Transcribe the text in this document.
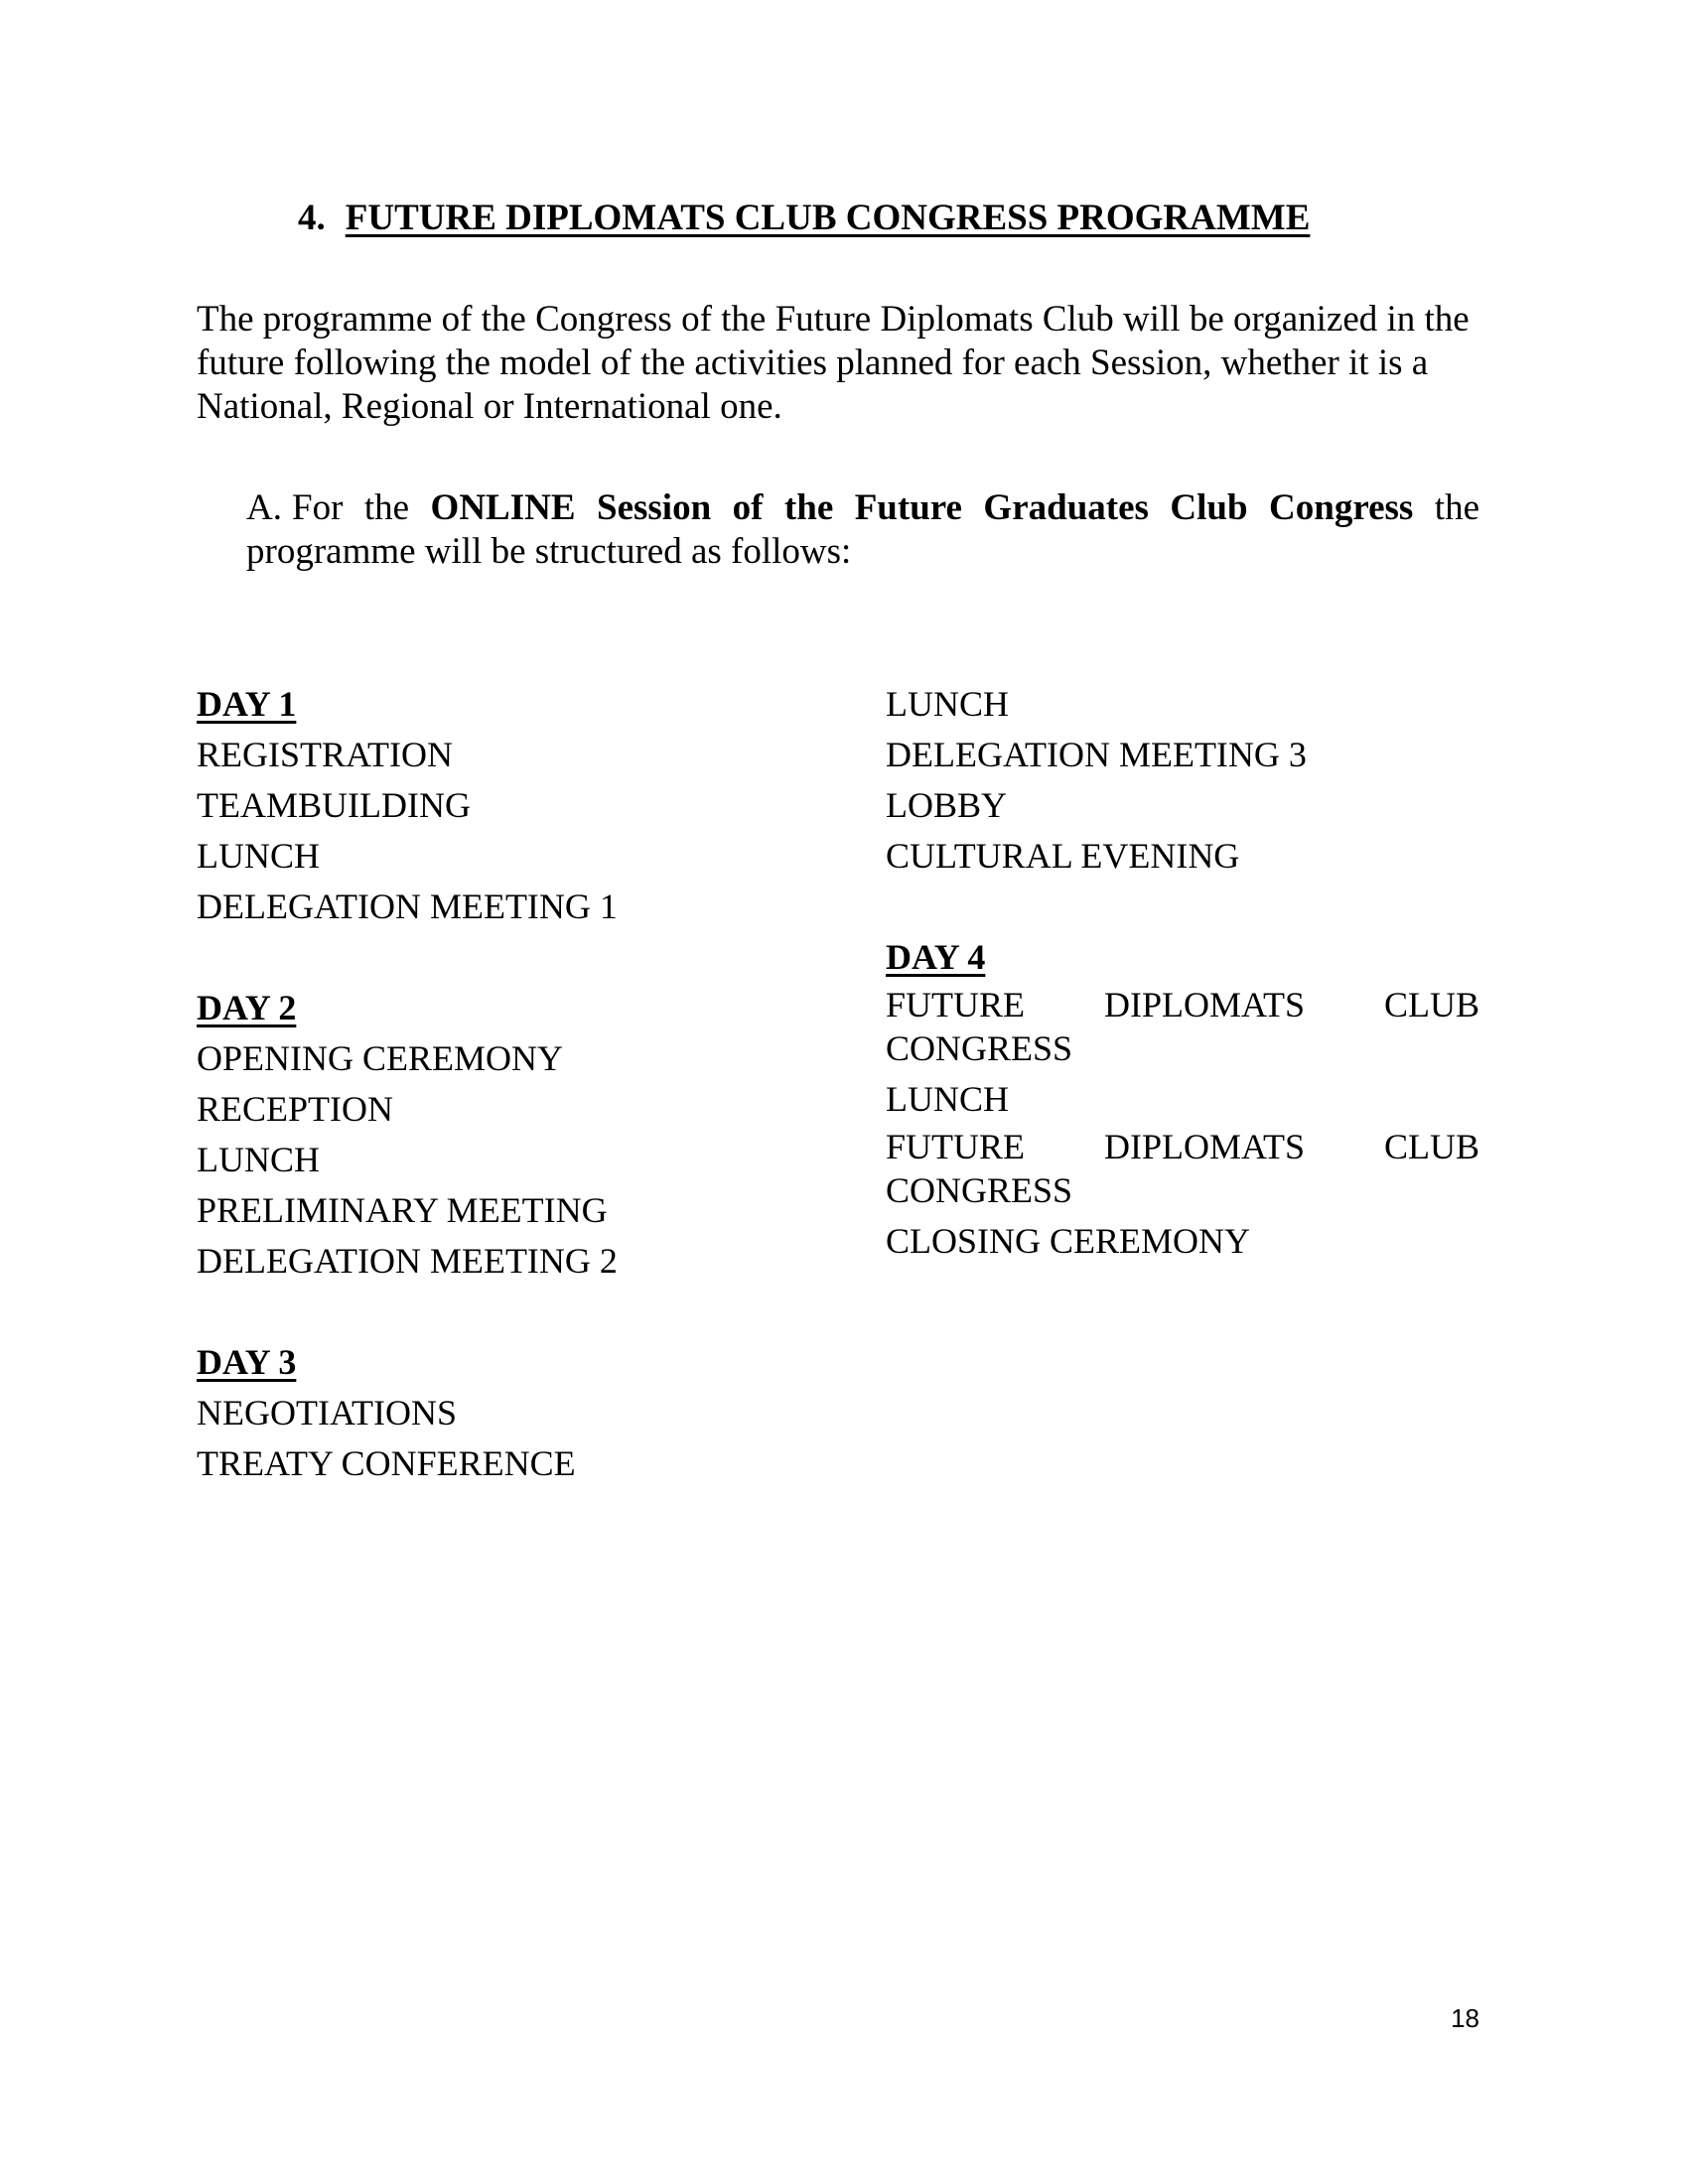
4. FUTURE DIPLOMATS CLUB CONGRESS PROGRAMME

The programme of the Congress of the Future Diplomats Club will be organized in the future following the model of the activities planned for each Session, whether it is a National, Regional or International one.

A. For the ONLINE Session of the Future Graduates Club Congress the programme will be structured as follows:
DAY 1
REGISTRATION
TEAMBUILDING
LUNCH
DELEGATION MEETING 1
DAY 2
OPENING CEREMONY
RECEPTION
LUNCH
PRELIMINARY MEETING
DELEGATION MEETING 2
DAY 3
NEGOTIATIONS
TREATY CONFERENCE
LUNCH
DELEGATION MEETING 3
LOBBY
CULTURAL EVENING
DAY 4
FUTURE DIPLOMATS CLUB CONGRESS
LUNCH
FUTURE DIPLOMATS CLUB CONGRESS
CLOSING CEREMONY
18
